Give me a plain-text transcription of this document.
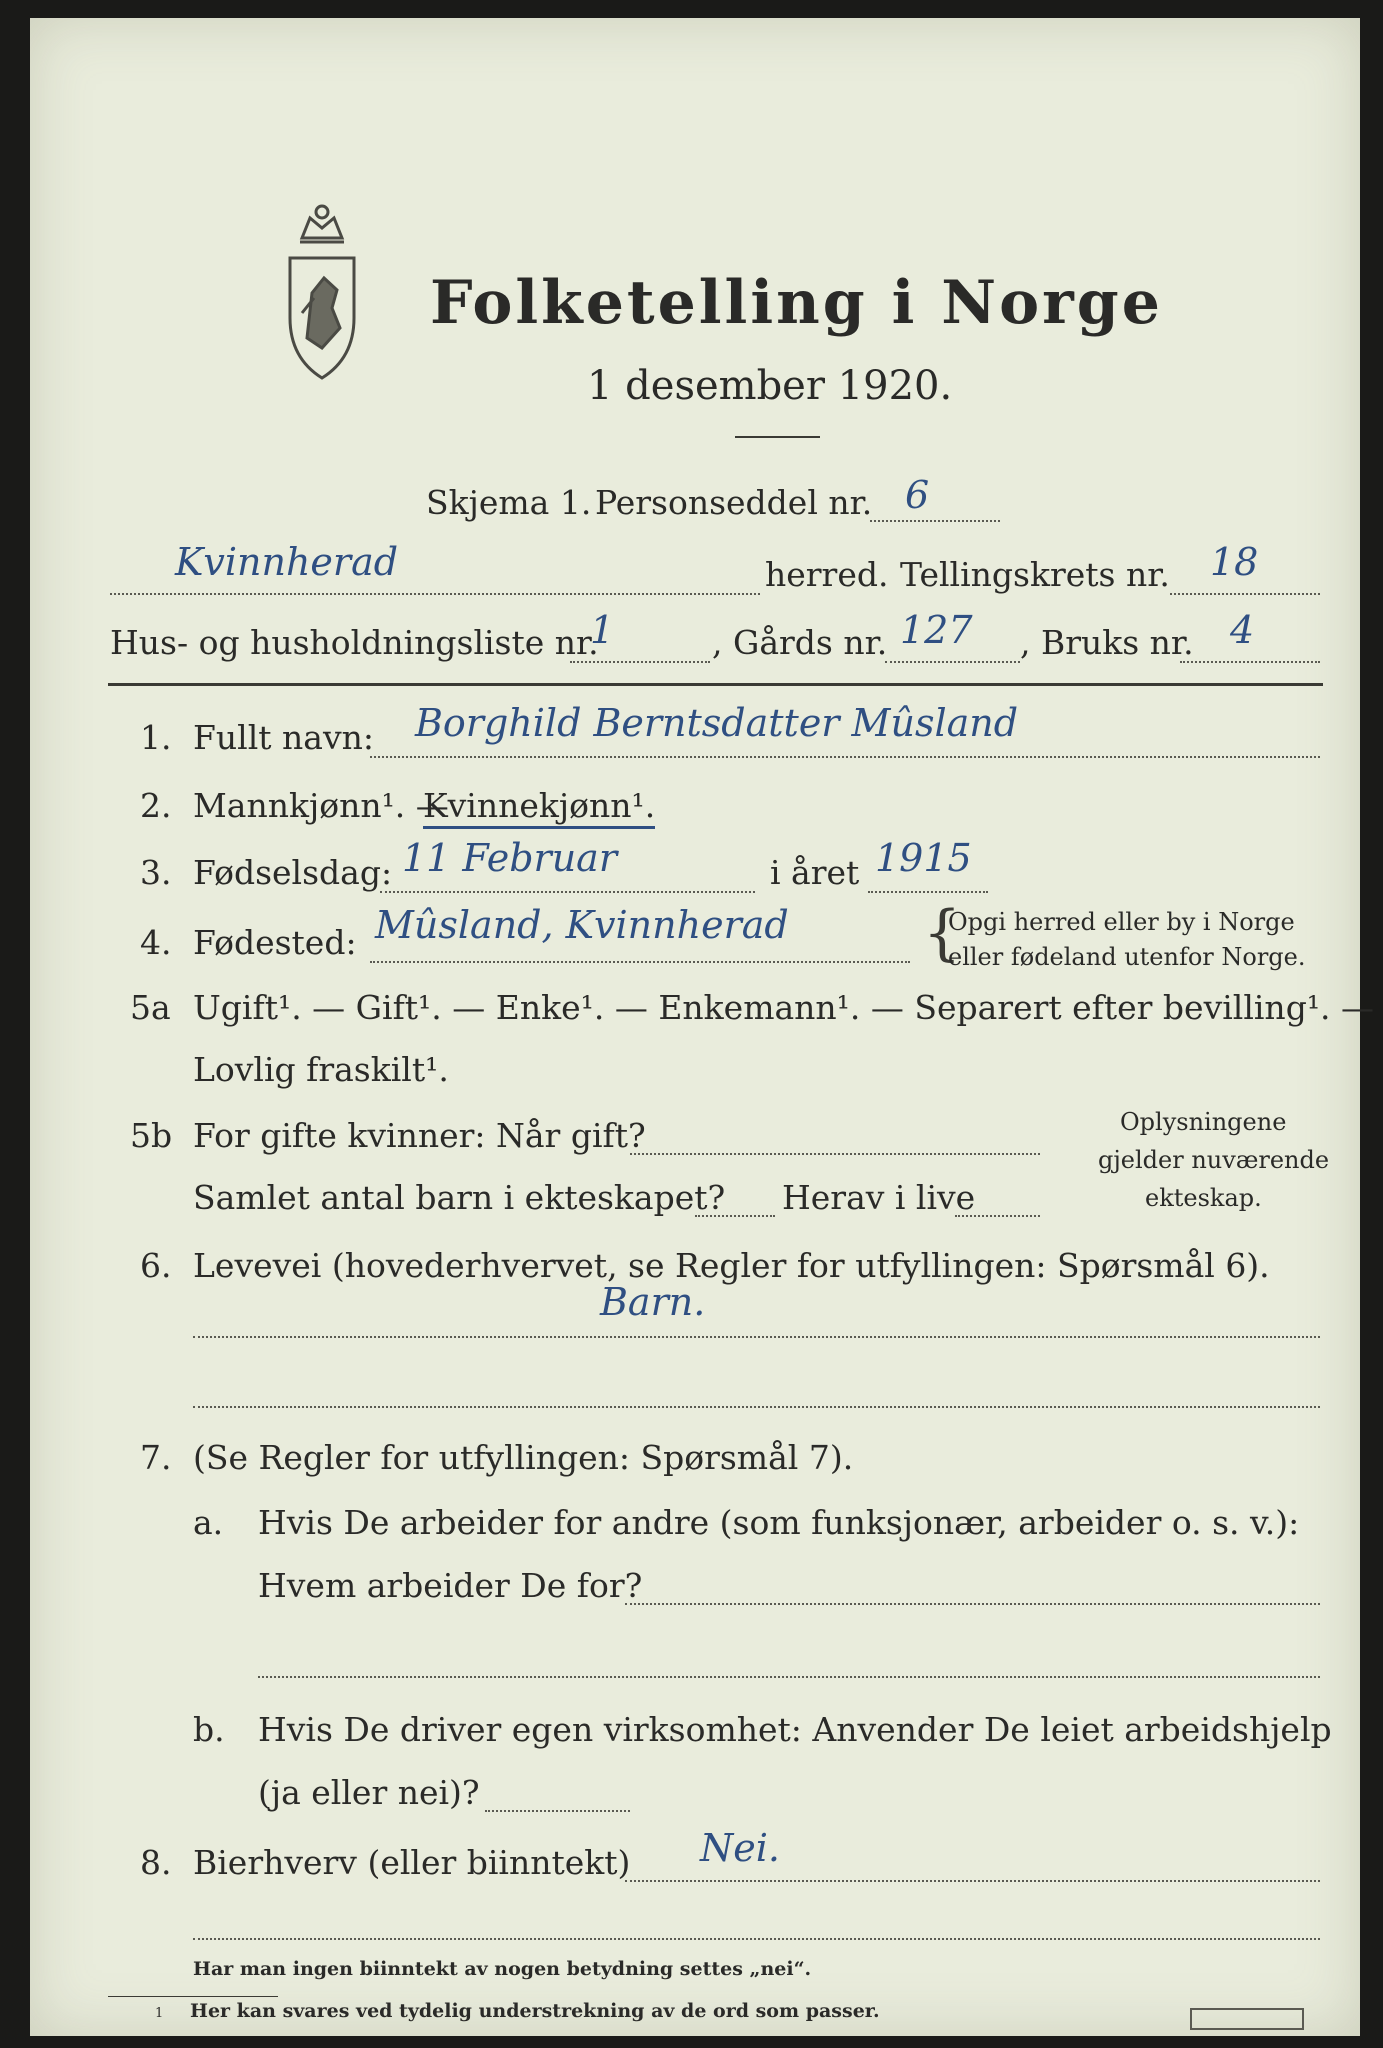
Folketelling i Norge
1 desember 1920.
Skjema 1. Personseddel nr. 6
Kvinnherad	herred. Tellingskrets nr. 18
Hus- og husholdningsliste nr.
1	, Gårds nr. 127 , Bruks nr. 4
1. Fullt navn: Borghild Berntsdatter Mûsland
2. Mannkjønn¹. —
Kvinnekjønn¹.
3. Fødselsdag: 11 Februar	i året 1915
4. Fødested: Mûsland, Kvinnherad {
Opgi herred eller by i Norge
eller fødeland utenfor Norge.
5a Ugift¹. — Gift¹. — Enke¹. — Enkemann¹. — Separert efter bevilling¹. —
Lovlig fraskilt¹.
5b For gifte kvinner: Når gift?
Samlet antal barn i ekteskapet? Herav i live
Oplysningene
gjelder nuværende
ekteskap.
6. Levevei (hovederhvervet, se Regler for utfyllingen: Spørsmål 6).
Barn.
7. (Se Regler for utfyllingen: Spørsmål 7).
a. Hvis De arbeider for andre (som funksjonær, arbeider o. s. v.):
Hvem arbeider De for?
b. Hvis De driver egen virksomhet: Anvender De leiet arbeidshjelp
(ja eller nei)?
8. Bierhverv (eller biinntekt) Nei.
Har man ingen biinntekt av nogen betydning settes „nei“.
1 Her kan svares ved tydelig understrekning av de ord som passer.
